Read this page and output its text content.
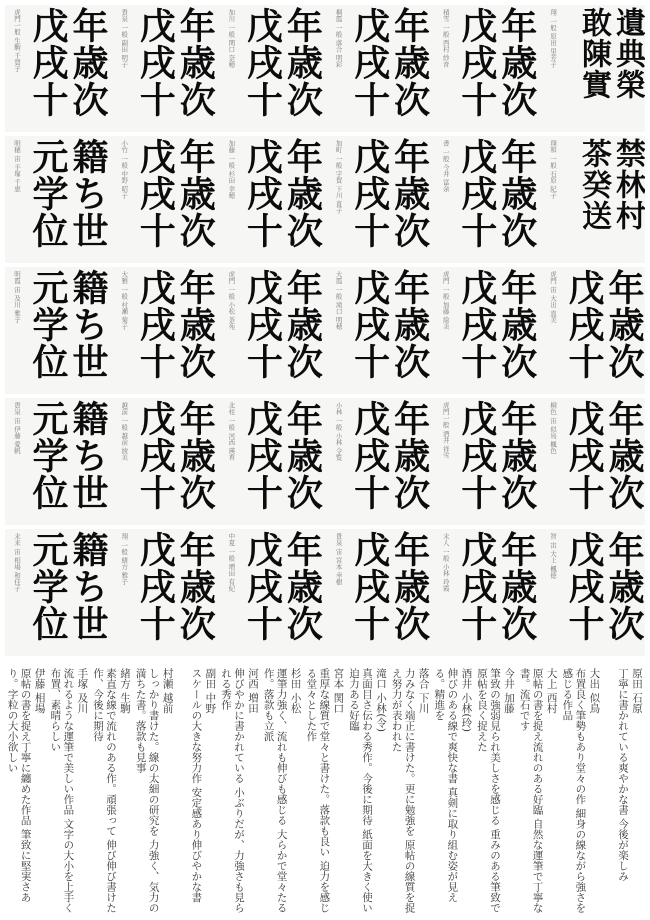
虎門一般 生駒 千賀子 年歳次
戊戌十	貴泉 一般 副田 明子 年歳次
戊戌十	加川 一般 関口 奈穂 年歳次
戊戌十	桐霞 一般 落合 明彩 年歳次
戊戌十	積雪 一般 西村 紗音 年歳次
戊戌十	翔 一般 原田 里芳子 遺典榮
敢陳實
明穂 宙 手塚 千恵 籍ち世
元学位	小竹 一般 中野 昭子 年歳次
戊戌十	加藤 一般 杉田 幸穂 年歳次
戊戌十	加町 一般 宇賀 下川 直子 年歳次
戊戌十	書 一般 今井 富余 年歳次
戊戌十	翔和 一般 石原 紀子 禁林村
茶癸送
明霞 宙 及川 雅子 籍ち世
元学位	大雅 一般 村瀬 菊子 年歳次
戊戌十	虎門 一般 小松 茶苑 年歳次
戊戌十	大霞 一般 滝口 明穂 年歳次
戊戌十	虎門 一般 加藤 絵美 年歳次
戊戌十	虎門 宙 大出 直美 年歳次
戊戌十
貴泉 宙 伊藤 愛帆 籍ち世
元学位	越前 一般 越前 綾美 年歳次
戊戌十	北柱 一般 河西 瑛香 年歳次
戊戌十	小林 一般 小林 令覧 年歳次
戊戌十	虎門一般 酒井 祥雪 年歳次
戊戌十	桐色 宙 似鳥 楓色 年歳次
戊戌十
未来 宙 相場 和佳子 籍ち世
元学位	翔 一般 緒方 雅子 年歳次
戊戌十	中夏 一般 増田 有紀 年歳次
戊戌十	貴泉 宙 宮本 幸樹 年歳次
戊戌十	未人 一般 小林 玲霞 年歳次
戊戌十	智 宙 大上 楓德 年歳次
戊戌十
原田 石原
丁寧に書かれている爽やかな書 今後が楽しみ
大出 似鳥
布置良く筆勢もあり堂々の作 細身の線ながら強さを感じる作品
大上 西村
原帖の書を捉え流れのある好臨 自然な運筆で丁寧な書。流石です
今井 加藤
筆致の強弱見られ美しさを感じる 重みのある筆致で原帖を良く捉えた
酒井 小林(玲)
伸びのある線で爽快な書 真剣に取り組む姿が見える。精進を
落合 下川
力みなく端正に書けた。更に勉強を 原帖の線質を捉え努力が表われた
滝口 小林(令)
真面目さ伝わる秀作。今後に期待 紙面を大きく使い迫力ある好臨
宮本 関口
重厚な線質で堂々と書けた。落款も良い 迫力を感じる堂々とした作
杉田 小松
運筆力強く、流れも伸びも感じる 大らかで堂々たる作。落款も立派
河西 増田
伸びやかに書かれている 小ぶりだが、力強さも見られる秀作
副田 中野
スケールの大きな努力作 安定感あり伸びやかな書
村瀬 越前
しっかり書けた。線の太細の研究を 力強く、気力の満ちた書。落款も見事
緒方 生駒
素直な線で流れのある作。頑張って 伸び伸び書けた作、今後に期待
手塚 及川
流れるような運筆で美しい作品 文字の大小を上手く布置、素晴らしい
伊藤 相場
原帖の書を捉え丁寧に纏めた作品 筆致に堅実さあり。字粒の大小欲しい
